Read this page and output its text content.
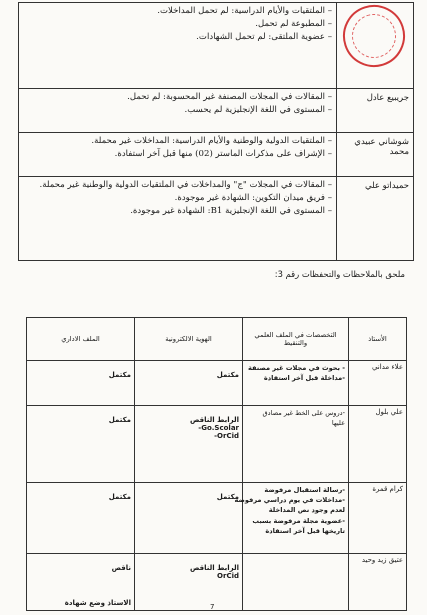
	– الملتقيات والأيام الدراسية: لم تحمل المداخلات.
– المطبوعة لم تحمل.
– عضوية الملتقى: لم تحمل الشهادات.

جريبيع عادل	– المقالات في المجلات المصنفة غير المحسوبة: لم تحمل.
– المستوى في اللغة الإنجليزية لم يحسب.

شوشاني عبيدي محمد	– الملتقيات الدولية والوطنية والأيام الدراسية: المداخلات غير محملة.
– الإشراف على مذكرات الماستر (02) منها قبل آخر استفادة.

حميداتو علي	– المقالات في المجلات "ج" والمداخلات في الملتقيات الدولية والوطنية غير محملة.
– فريق ميدان التكوين: الشهادة غير موجودة.
– المستوى في اللغة الإنجليزية B1: الشهادة غير موجودة.
ملحق بالملاحظات والتحفظات رقم 3:
الأستاذ	التخصصات في الملف العلمي والتنقيط	الهوية الالكترونية	الملف الاداري
علاء مداني	- بحوث في مجلات غير مصنفة
-مداخلة قبل آخر استفادة	مكتمل	مكتمل

علي بلول	-دروس على الخط غير مصادق
عليها	الرابط الناقص
-Go.Scolar
-OrCid	مكتمل

كرام قمرة	-رسالة استقبال مرفوضة
-مداخلات في يوم دراسي مرفوضة
لعدم وجود نص المداخلة
-عضوية مجلة مرفوضة بسبب
تاريخها قبل آخر استفادة	مكتمل	مكتمل

عتيق زيد وحيد		الرابط الناقص
OrCid	ناقص
الاستاذ وضع شهادة	7
